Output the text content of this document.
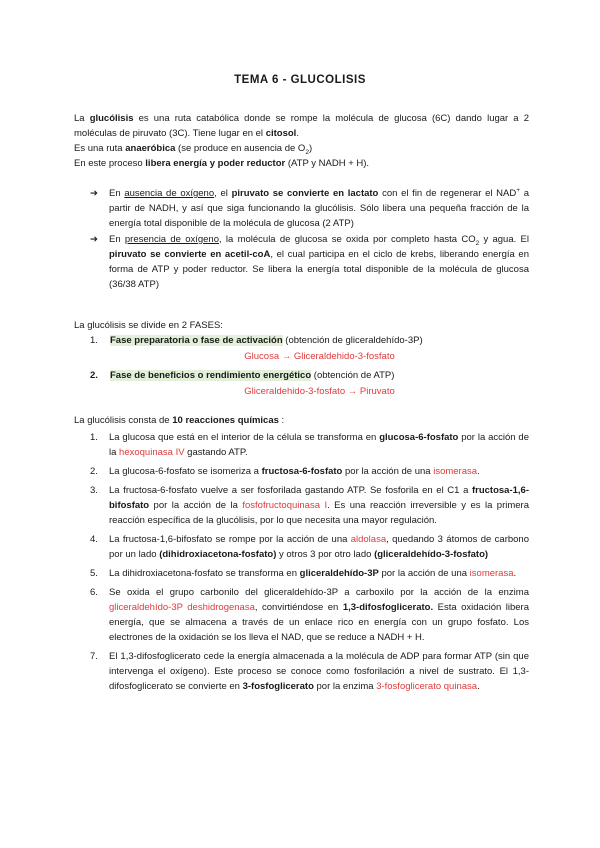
TEMA 6 - GLUCOLISIS

La glucólisis es una ruta catabólica donde se rompe la molécula de glucosa (6C) dando lugar a 2 moléculas de piruvato (3C). Tiene lugar en el citosol.

Es una ruta anaeróbica (se produce en ausencia de $O_2$)

En este proceso libera energía y poder reductor (ATP y NADH + H).

➔ En ausencia de oxígeno, el piruvato se convierte en lactato con el fin de regenerar el NAD+ a partir de NADH, y así que siga funcionando la glucólisis. Sólo libera una pequeña fracción de la energía total disponible de la molécula de glucosa (2 ATP)
➔ En presencia de oxígeno, la molécula de glucosa se oxida por completo hasta $CO_2$ y agua. El piruvato se convierte en acetil-coA, el cual participa en el ciclo de krebs, liberando energía en forma de ATP y poder reductor. Se libera la energía total disponible de la molécula de glucosa (36/38 ATP)
La glucólisis se divide en 2 FASES:
1. Fase preparatoria o fase de activación (obtención de gliceraldehído-3P)
Glucosa → Gliceraldehido-3-fosfato
2. Fase de beneficios o rendimiento energético (obtención de ATP)
Gliceraldehido-3-fosfato → Piruvato
La glucólisis consta de 10 reacciones químicas :
1. La glucosa que está en el interior de la célula se transforma en glucosa-6-fosfato por la acción de la hexoquinasa IV gastando ATP.
2. La glucosa-6-fosfato se isomeriza a fructosa-6-fosfato por la acción de una isomerasa.
3. La fructosa-6-fosfato vuelve a ser fosforilada gastando ATP. Se fosforila en el C1 a fructosa-1,6-bifosfato por la acción de la fosfofructoquinasa I. Es una reacción irreversible y es la primera reacción específica de la glucólisis, por lo que necesita una mayor regulación.
4. La fructosa-1,6-bifosfato se rompe por la acción de una aldolasa, quedando 3 átomos de carbono por un lado (dihidroxiacetona-fosfato) y otros 3 por otro lado (gliceraldehído-3-fosfato)
5. La dihidroxiacetona-fosfato se transforma en gliceraldehído-3P por la acción de una isomerasa.
6. Se oxida el grupo carbonilo del gliceraldehído-3P a carboxilo por la acción de la enzima gliceraldehído-3P deshidrogenasa, convirtiéndose en 1,3-difosfoglicerato. Esta oxidación libera energía, que se almacena a través de un enlace rico en energía con un grupo fosfato. Los electrones de la oxidación se los lleva el NAD, que se reduce a NADH + H.
7. El 1,3-difosfoglicerato cede la energía almacenada a la molécula de ADP para formar ATP (sin que intervenga el oxígeno). Este proceso se conoce como fosforilación a nivel de sustrato. El 1,3-difosfoglicerato se convierte en 3-fosfoglicerato por la enzima 3-fosfoglicerato quinasa.
